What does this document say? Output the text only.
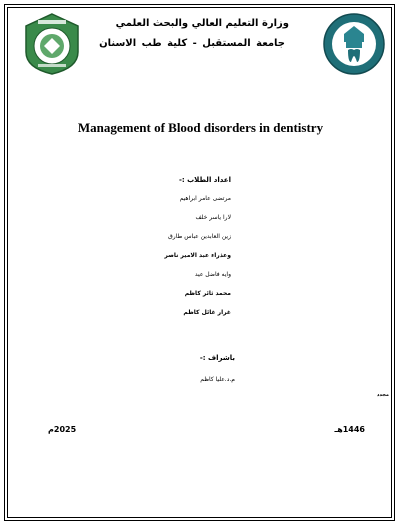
وزارة التعليم العالي والبحث العلمي
جامعة المستقبل - كلية طب الاسنان
Management of Blood disorders in dentistry
اعداد الطلاب :-
مرتضى عامر ابراهيم
لارا ياسر خلف
زين العابدين عباس طارق
وعذراء عبد الامير ناصر
وايه فاضل عيد
محمد ثائر كاظم
غرار غائل كاظم
باشراف :-
م.د.عليا كاظم
مجدد
1446هـ
2025م
